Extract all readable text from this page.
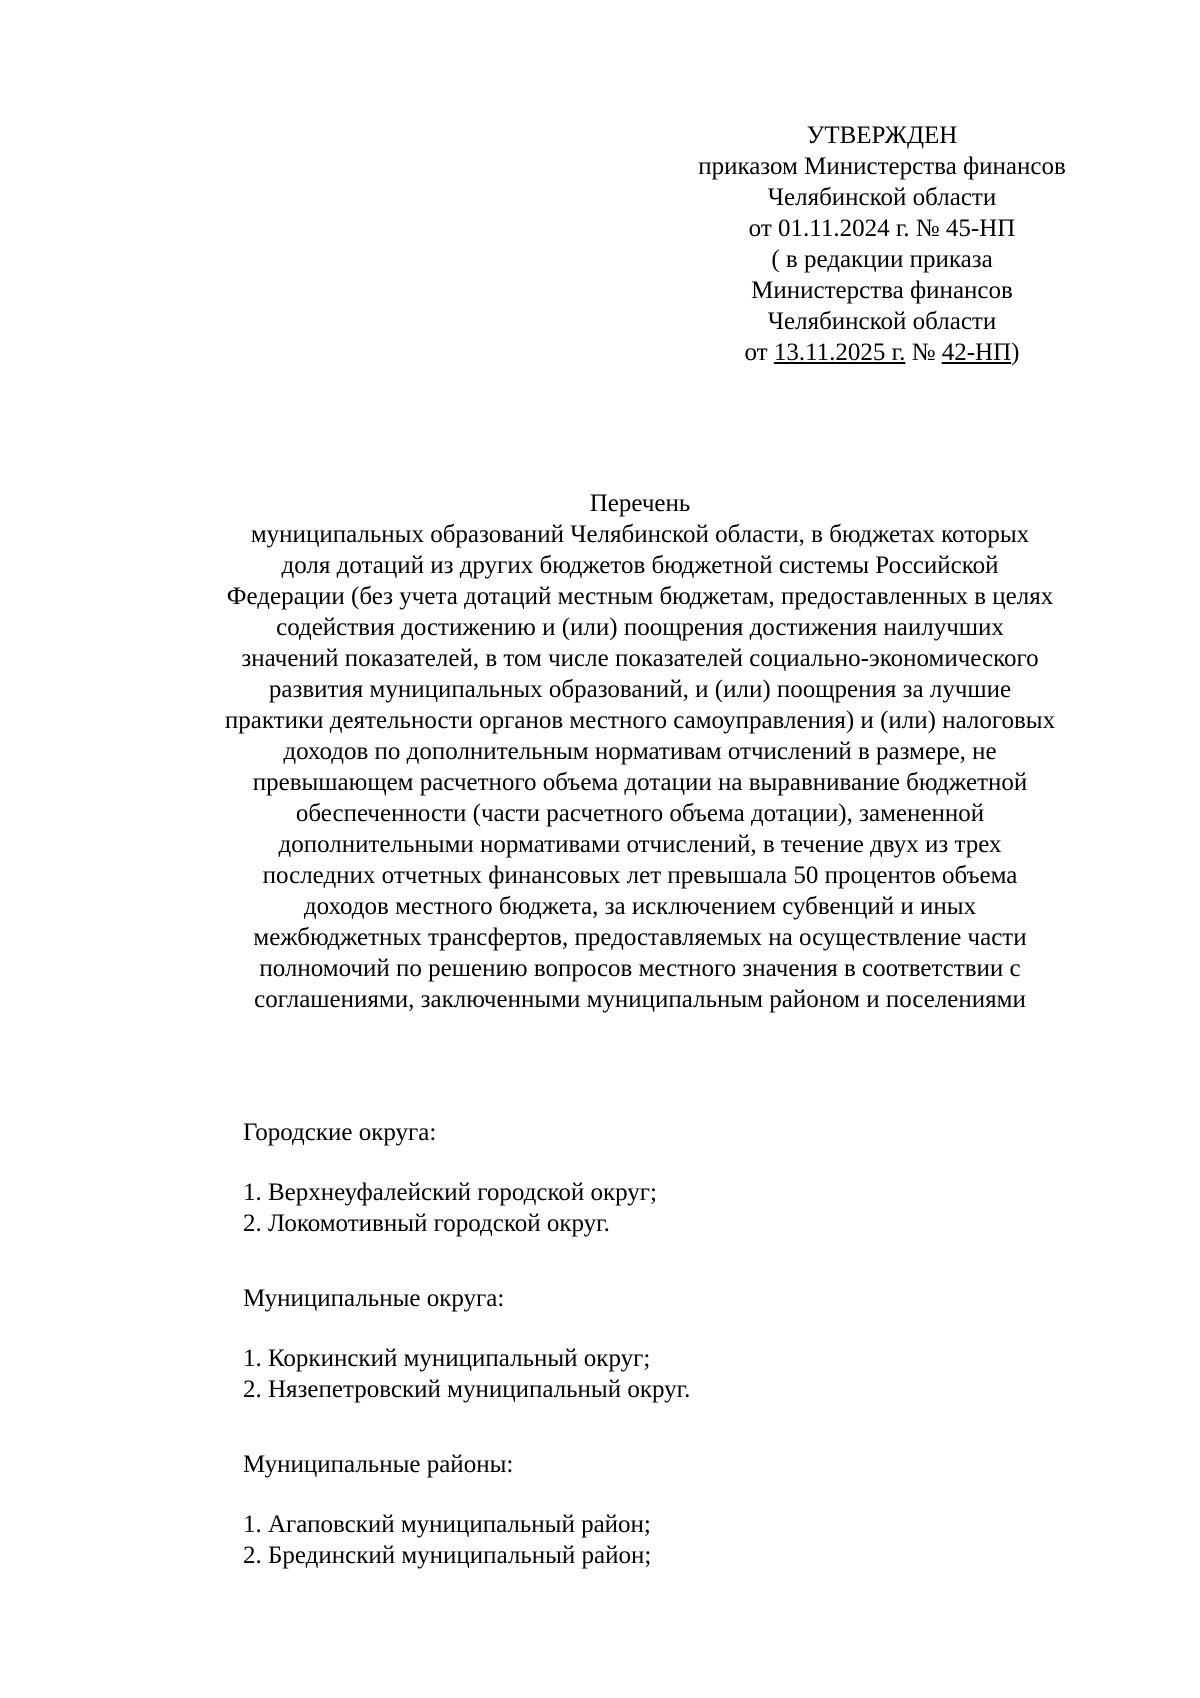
УТВЕРЖДЕН
приказом Министерства финансов
Челябинской области
от 01.11.2024 г. № 45-НП
( в редакции приказа
Министерства финансов
Челябинской области
от 13.11.2025 г. № 42-НП)
Перечень
муниципальных образований Челябинской области, в бюджетах которых
доля дотаций из других бюджетов бюджетной системы Российской
Федерации (без учета дотаций местным бюджетам, предоставленных в целях
содействия достижению и (или) поощрения достижения наилучших
значений показателей, в том числе показателей социально-экономического
развития муниципальных образований, и (или) поощрения за лучшие
практики деятельности органов местного самоуправления) и (или) налоговых
доходов по дополнительным нормативам отчислений в размере, не
превышающем расчетного объема дотации на выравнивание бюджетной
обеспеченности (части расчетного объема дотации), замененной
дополнительными нормативами отчислений, в течение двух из трех
последних отчетных финансовых лет превышала 50 процентов объема
доходов местного бюджета, за исключением субвенций и иных
межбюджетных трансфертов, предоставляемых на осуществление части
полномочий по решению вопросов местного значения в соответствии с
соглашениями, заключенными муниципальным районом и поселениями
Городские округа:
1. Верхнеуфалейский городской округ;
2. Локомотивный городской округ.
Муниципальные округа:
1. Коркинский муниципальный округ;
2. Нязепетровский муниципальный округ.
Муниципальные районы:
1. Агаповский муниципальный район;
2. Брединский муниципальный район;
